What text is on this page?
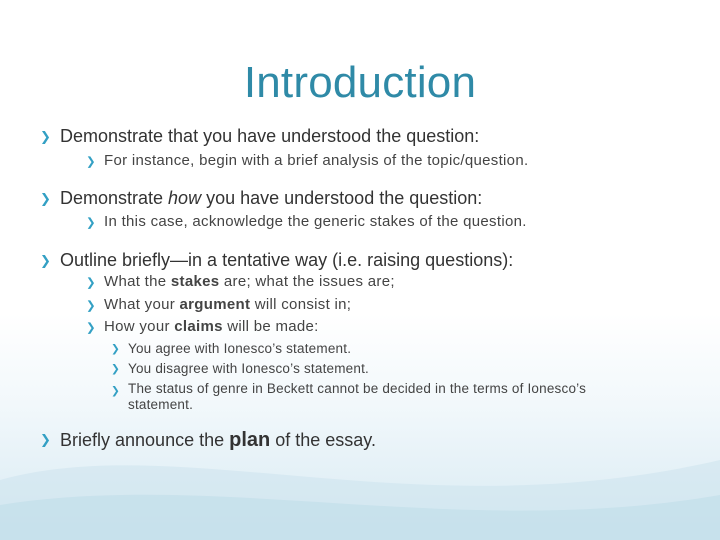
Introduction
❯ Demonstrate that you have understood the question:
❯ For instance, begin with a brief analysis of the topic/question.
❯ Demonstrate how you have understood the question:
❯ In this case, acknowledge the generic stakes of the question.
❯ Outline briefly—in a tentative way (i.e. raising questions):
❯ What the stakes are; what the issues are;
❯ What your argument will consist in;
❯ How your claims will be made:
❯ You agree with Ionesco’s statement.
❯ You disagree with Ionesco’s statement.
❯ The status of genre in Beckett cannot be decided in the terms of Ionesco’s statement.
❯ Briefly announce the plan of the essay.
